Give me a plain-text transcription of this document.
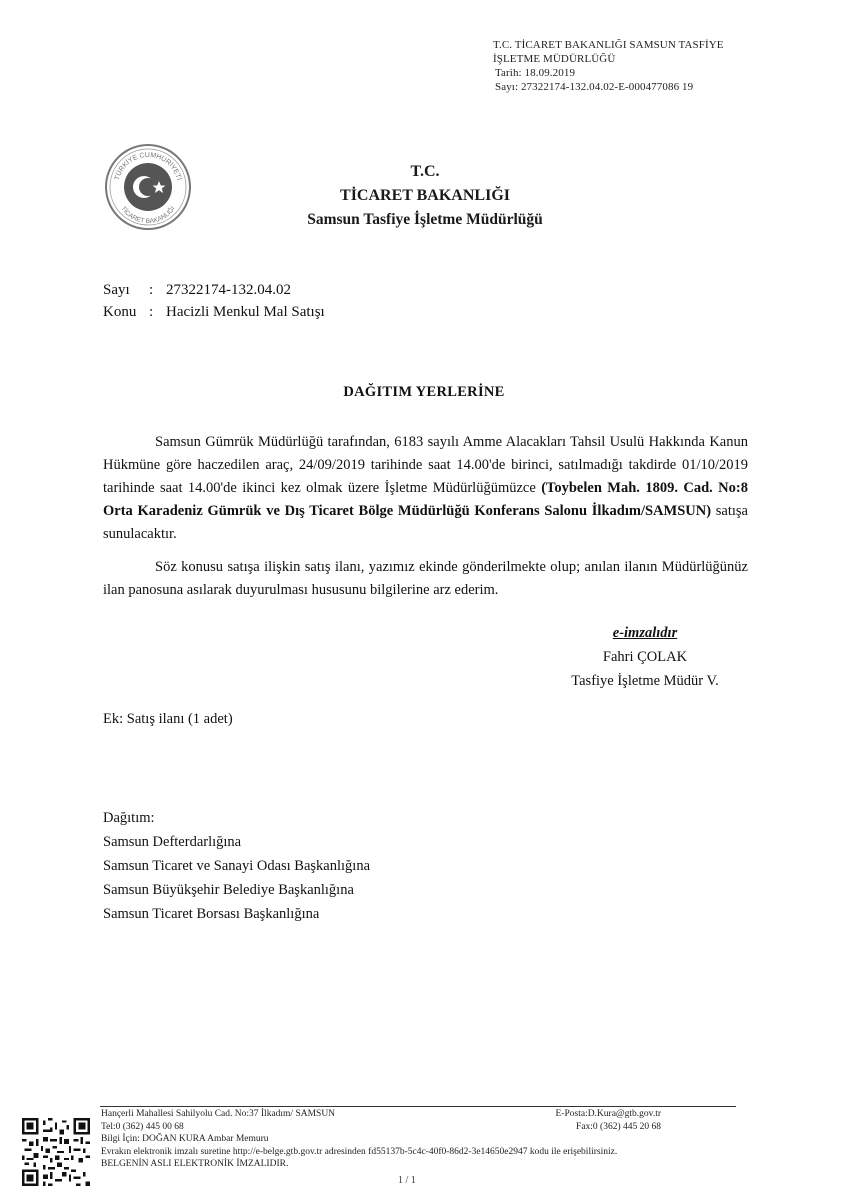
T.C. TİCARET BAKANLIĞI SAMSUN TASFİYE
İŞLETME MÜDÜRLÜĞÜ
Tarih: 18.09.2019
Sayı: 27322174-132.04.02-E-000477086 19
TÜRKİYE CUMHURİYETİ
TİCARET BAKANLIĞI
T.C.
TİCARET BAKANLIĞI
Samsun Tasfiye İşletme Müdürlüğü
Sayı	: 27322174-132.04.02
Konu : Hacizli Menkul Mal Satışı
DAĞITIM YERLERİNE

Samsun Gümrük Müdürlüğü tarafından, 6183 sayılı Amme Alacakları Tahsil Usulü Hakkında Kanun Hükmüne göre haczedilen araç, 24/09/2019 tarihinde saat 14.00'de birinci, satılmadığı takdirde 01/10/2019 tarihinde saat 14.00'de ikinci kez olmak üzere İşletme Müdürlüğümüzce (Toybelen Mah. 1809. Cad. No:8 Orta Karadeniz Gümrük ve Dış Ticaret Bölge Müdürlüğü Konferans Salonu İlkadım/SAMSUN) satışa sunulacaktır.

Söz konusu satışa ilişkin satış ilanı, yazımız ekinde gönderilmekte olup; anılan ilanın Müdürlüğünüz ilan panosuna asılarak duyurulması hususunu bilgilerine arz ederim.

e-imzalıdır
Fahri ÇOLAK
Tasfiye İşletme Müdür V.
Ek: Satış ilanı (1 adet)
Dağıtım:
Samsun Defterdarlığına
Samsun Ticaret ve Sanayi Odası Başkanlığına
Samsun Büyükşehir Belediye Başkanlığına
Samsun Ticaret Borsası Başkanlığına
Hançerli Mahallesi Sahilyolu Cad. No:37 İlkadım/ SAMSUN	E-Posta:D.Kura@gtb.gov.tr
Tel:0 (362) 445 00 68	Fax:0 (362) 445 20 68
Bilgi İçin: DOĞAN KURA Ambar Memuru
Evrakın elektronik imzalı suretine http://e-belge.gtb.gov.tr adresinden fd55137b-5c4c-40f0-86d2-3e14650e2947 kodu ile erişebilirsiniz.
BELGENİN ASLI ELEKTRONİK İMZALIDIR.
1 / 1
